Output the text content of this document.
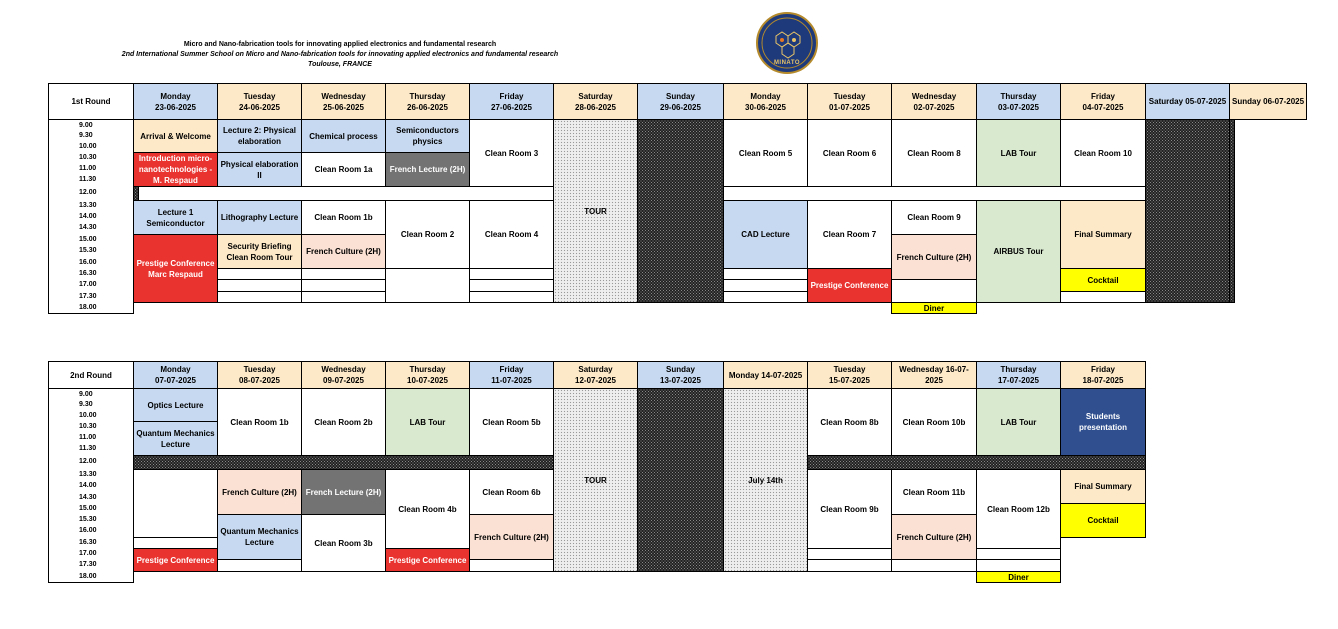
Micro and Nano-fabrication tools for innovating applied electronics and fundamental research
2nd International Summer School on Micro and Nano-fabrication tools for innovating applied electronics and fundamental research
Toulouse, FRANCE	MINATO
1st Round
Monday
23-06-2025
Tuesday
24-06-2025
Wednesday
25-06-2025
Thursday
26-06-2025
Friday
27-06-2025
Saturday
28-06-2025
Sunday
29-06-2025
Monday
30-06-2025
Tuesday
01-07-2025
Wednesday
02-07-2025
Thursday
03-07-2025
Friday
04-07-2025
Saturday 05-07-2025 Sunday 06-07-2025
9.00
9.30
10.00
10.30
11.00
11.30
12.00
13.30
14.00
14.30
15.00
15.30
16.00
16.30
17.00
17.30
18.00
Arrival & Welcome
Introduction micro-nanotechnologies - M. Respaud
Lecture 1 Semiconductor
Prestige Conference Marc Respaud
Lecture 2: Physical elaboration
Physical elaboration II
Lithography Lecture
Security Briefing Clean Room Tour
Chemical process
Clean Room 1a
Clean Room 1b
French Culture (2H)
Semiconductors physics
French Lecture (2H)
Clean Room 2
Clean Room 3
Clean Room 4
TOUR
Clean Room 5
CAD Lecture
Clean Room 6
Clean Room 7
Prestige Conference
Clean Room 8
Clean Room 9
French Culture (2H)
Diner
LAB Tour
AIRBUS Tour
Clean Room 10
Final Summary
Cocktail
2nd Round
Monday
07-07-2025
Tuesday
08-07-2025
Wednesday
09-07-2025
Thursday
10-07-2025
Friday
11-07-2025
Saturday
12-07-2025
Sunday
13-07-2025
Monday 14-07-2025
Tuesday
15-07-2025
Wednesday 16-07-2025
Thursday
17-07-2025
Friday
18-07-2025
9.00
9.30
10.00
10.30
11.00
11.30
12.00
13.30
14.00
14.30
15.00
15.30
16.00
16.30
17.00
17.30
18.00
Optics Lecture
Quantum Mechanics Lecture
Prestige Conference
Clean Room 1b
French Culture (2H)
Quantum Mechanics Lecture
Clean Room 2b
French Lecture (2H)
Clean Room 3b
LAB Tour
Clean Room 4b
Prestige Conference
Clean Room 5b
Clean Room 6b
French Culture (2H)
TOUR	July 14th
Clean Room 8b
Clean Room 9b
Clean Room 10b
Clean Room 11b
French Culture (2H)
LAB Tour
Clean Room 12b
Diner
Students presentation
Final Summary
Cocktail
